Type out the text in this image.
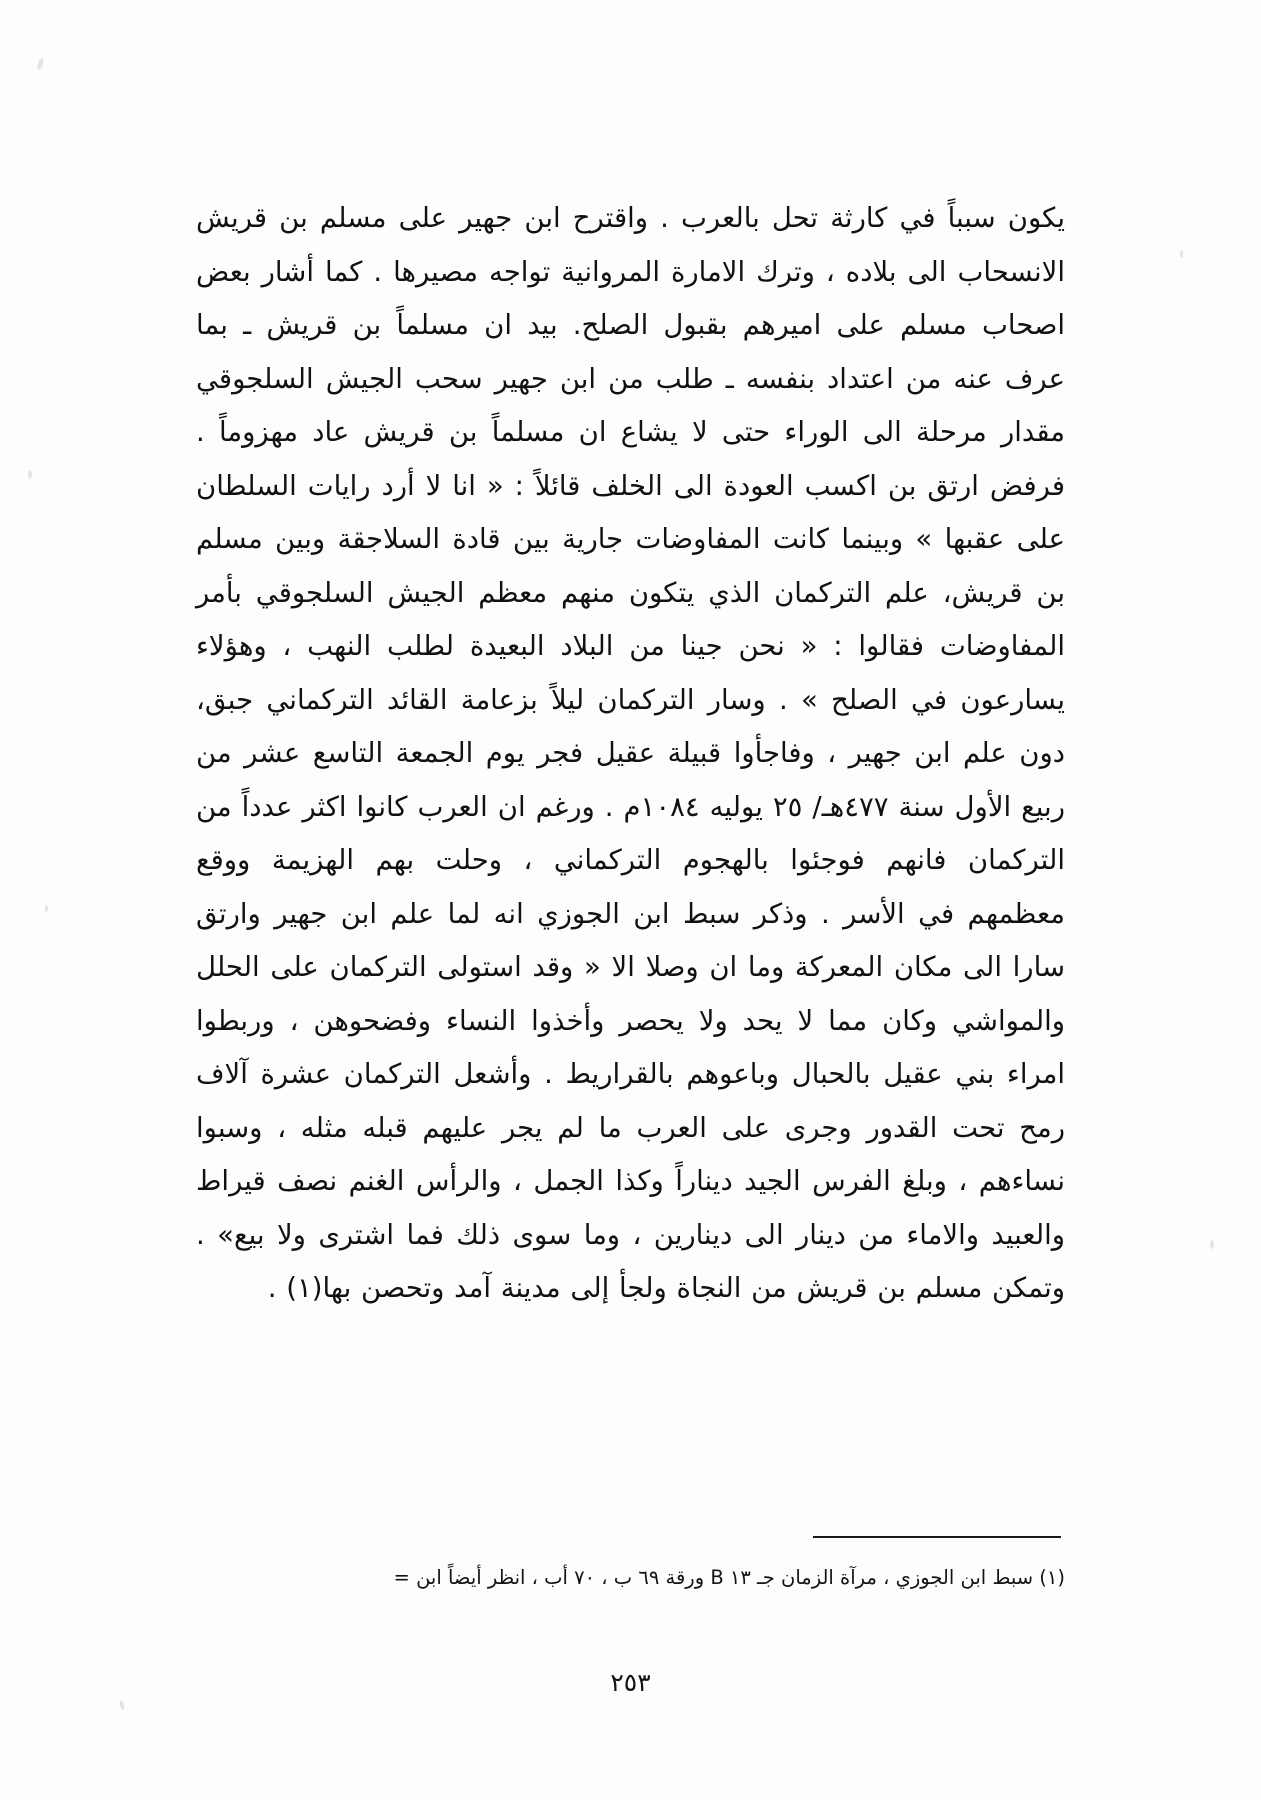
يكون سبباً في كارثة تحل بالعرب . واقترح ابن جهير على مسلم بن قريش الانسحاب الى بلاده ، وترك الامارة المروانية تواجه مصيرها . كما أشار بعض اصحاب مسلم على اميرهم بقبول الصلح. بيد ان مسلماً بن قريش ـ بما عرف عنه من اعتداد بنفسه ـ طلب من ابن جهير سحب الجيش السلجوقي مقدار مرحلة الى الوراء حتى لا يشاع ان مسلماً بن قريش عاد مهزوماً . فرفض ارتق بن اكسب العودة الى الخلف قائلاً : « انا لا أرد رايات السلطان على عقبها » وبينما كانت المفاوضات جارية بين قادة السلاجقة وبين مسلم بن قريش، علم التركمان الذي يتكون منهم معظم الجيش السلجوقي بأمر المفاوضات فقالوا : « نحن جينا من البلاد البعيدة لطلب النهب ، وهؤلاء يسارعون في الصلح » . وسار التركمان ليلاً بزعامة القائد التركماني جبق، دون علم ابن جهير ، وفاجأوا قبيلة عقيل فجر يوم الجمعة التاسع عشر من ربيع الأول سنة ٤٧٧هـ/ ٢٥ يوليه ١٠٨٤م . ورغم ان العرب كانوا اكثر عدداً من التركمان فانهم فوجئوا بالهجوم التركماني ، وحلت بهم الهزيمة ووقع معظمهم في الأسر . وذكر سبط ابن الجوزي انه لما علم ابن جهير وارتق سارا الى مكان المعركة وما ان وصلا الا « وقد استولى التركمان على الحلل والمواشي وكان مما لا يحد ولا يحصر وأخذوا النساء وفضحوهن ، وربطوا امراء بني عقيل بالحبال وباعوهم بالقراريط . وأشعل التركمان عشرة آلاف رمح تحت القدور وجرى على العرب ما لم يجر عليهم قبله مثله ، وسبوا نساءهم ، وبلغ الفرس الجيد ديناراً وكذا الجمل ، والرأس الغنم نصف قيراط والعبيد والاماء من دينار الى دينارين ، وما سوى ذلك فما اشترى ولا بيع» . وتمكن مسلم بن قريش من النجاة ولجأ إلى مدينة آمد وتحصن بها(١) .

(١) سبط ابن الجوزي ، مرآة الزمان جـ ١٣ B ورقة ٦٩ ب ، ٧٠ أب ، انظر أيضاً ابن =
٢٥٣
